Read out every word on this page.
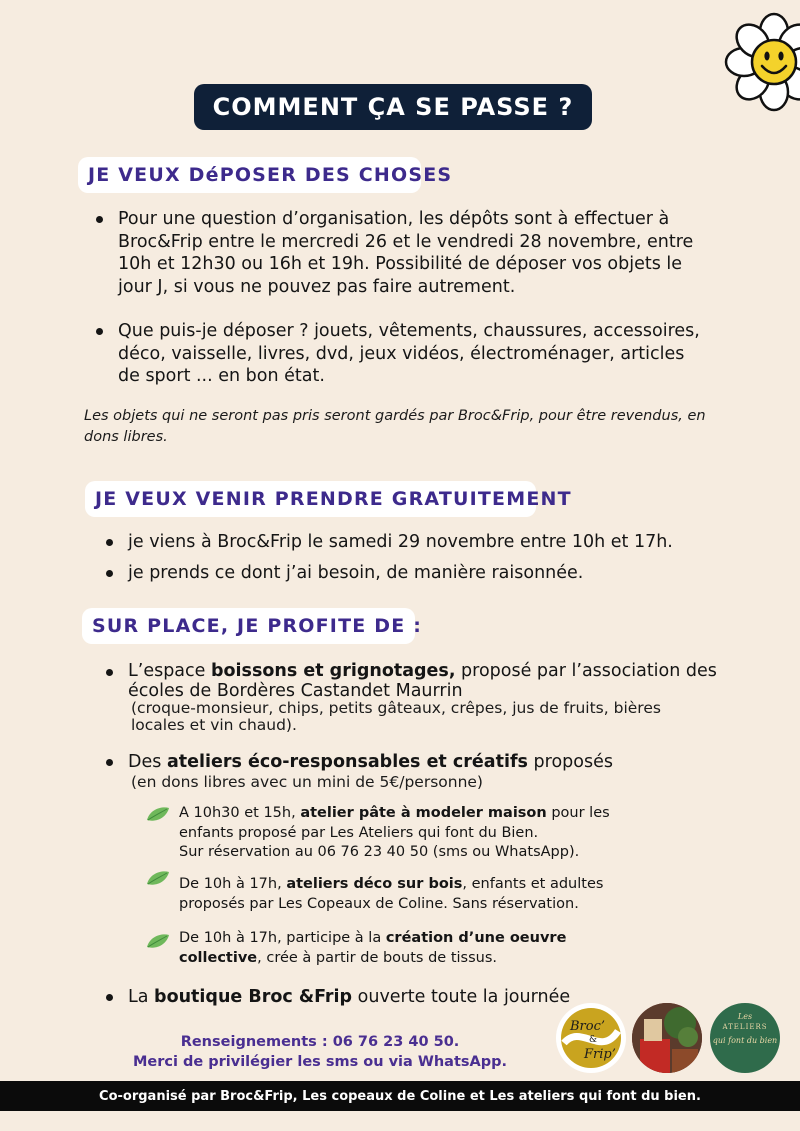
COMMENT ÇA SE PASSE ?
JE VEUX DéPOSER DES CHOSES
Pour une question d’organisation, les dépôts sont à effectuer à
Broc&Frip entre le mercredi 26 et le vendredi 28 novembre, entre
10h et 12h30 ou 16h et 19h. Possibilité de déposer vos objets le
jour J, si vous ne pouvez pas faire autrement.
Que puis-je déposer ? jouets, vêtements, chaussures, accessoires,
déco, vaisselle, livres, dvd, jeux vidéos, électroménager, articles
de sport ... en bon état.
Les objets qui ne seront pas pris seront gardés par Broc&Frip, pour être revendus, en
dons libres.
JE VEUX VENIR PRENDRE GRATUITEMENT
je viens à Broc&Frip le samedi 29 novembre entre 10h et 17h.
je prends ce dont j’ai besoin, de manière raisonnée.
SUR PLACE, JE PROFITE DE :
L’espace boissons et grignotages, proposé par l’association des
écoles de Bordères Castandet Maurrin
(croque-monsieur, chips, petits gâteaux, crêpes, jus de fruits, bières
locales et vin chaud).
Des ateliers éco-responsables et créatifs proposés
(en dons libres avec un mini de 5€/personne)
A 10h30 et 15h, atelier pâte à modeler maison pour les
enfants proposé par Les Ateliers qui font du Bien.
Sur réservation au 06 76 23 40 50 (sms ou WhatsApp).
De 10h à 17h, ateliers déco sur bois, enfants et adultes
proposés par Les Copeaux de Coline. Sans réservation.
De 10h à 17h, participe à la création d’une oeuvre
collective, crée à partir de bouts de tissus.
La boutique Broc &Frip ouverte toute la journée
Renseignements : 06 76 23 40 50.
Merci de privilégier les sms ou via WhatsApp.
Broc’
&
Frip’
Les
ATELIERS
qui font du bien
Co-organisé par Broc&Frip, Les copeaux de Coline et Les ateliers qui font du bien.
